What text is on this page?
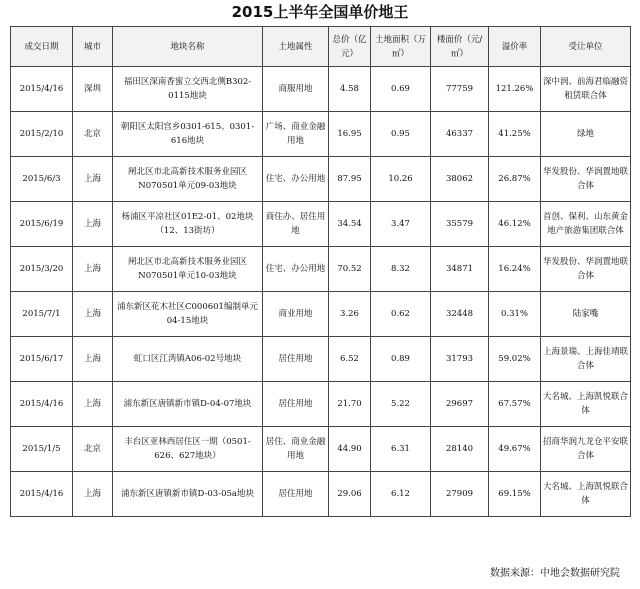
2015上半年全国单价地王
成交日期	城市	地块名称	土地属性	总价（亿元）	土地面积（万㎡）	楼面价（元/㎡）	溢价率	受让单位
2015/4/16	深圳	福田区深南香蜜立交西北侧B302-0115地块	商服用地	4.58	0.69	77759	121.26%	深中润、前海君临融资租赁联合体
2015/2/10	北京	朝阳区太阳宫乡0301-615、0301-616地块	广场、商业金融用地	16.95	0.95	46337	41.25%	绿地
2015/6/3	上海	闸北区市北高新技术服务业园区N070501单元09-03地块	住宅、办公用地	87.95	10.26	38062	26.87%	华发股份、华润置地联合体
2015/6/19	上海	杨浦区平凉社区01E2-01、02地块（12、13街坊）	商住办、居住用地	34.54	3.47	35579	46.12%	首创、保利、山东黄金地产旅游集团联合体
2015/3/20	上海	闸北区市北高新技术服务业园区N070501单元10-03地块	住宅、办公用地	70.52	8.32	34871	16.24%	华发股份、华润置地联合体
2015/7/1	上海	浦东新区花木社区C000601编制单元04-15地块	商业用地	3.26	0.62	32448	0.31%	陆家嘴
2015/6/17	上海	虹口区江湾镇A06-02号地块	居住用地	6.52	0.89	31793	59.02%	上海景瑞、上海佳靖联合体
2015/4/16	上海	浦东新区唐镇新市镇D-04-07地块	居住用地	21.70	5.22	29697	67.57%	大名城、上海凯悦联合体
2015/1/5	北京	丰台区亚林西居住区一期（0501-626、627地块）	居住、商业金融用地	44.90	6.31	28140	49.67%	招商华润九龙仓平安联合体
2015/4/16	上海	浦东新区唐镇新市镇D-03-05a地块	居住用地	29.06	6.12	27909	69.15%	大名城、上海凯悦联合体
数据来源：中地会数据研究院
